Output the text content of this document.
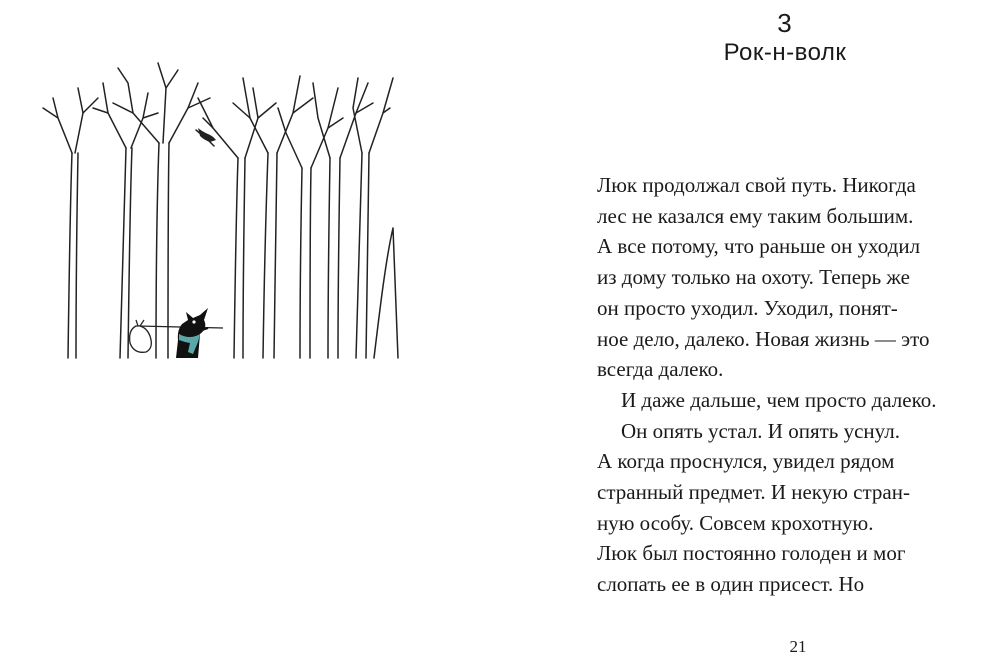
3
Рок-н-волк
Люк продолжал свой путь. Никогда
лес не казался ему таким большим.
А все потому, что раньше он уходил
из дому только на охоту. Теперь же
он просто уходил. Уходил, понят-
ное дело, далеко. Новая жизнь — это
всегда далеко.
И даже дальше, чем просто далеко.
Он опять устал. И опять уснул.
А когда проснулся, увидел рядом
странный предмет. И некую стран-
ную особу. Совсем крохотную.
Люк был постоянно голоден и мог
слопать ее в один присест. Но
21
